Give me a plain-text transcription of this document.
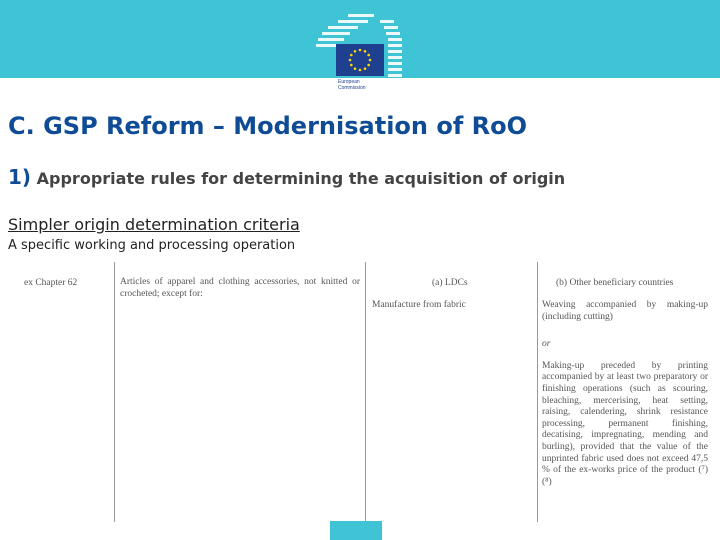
European
Commission
C. GSP Reform – Modernisation of RoO
1) Appropriate rules for determining the acquisition of origin
Simpler origin determination criteria
A specific working and processing operation
ex Chapter 62	Articles of apparel and clothing accessories, not knitted or crocheted; except for:
(a) LDCs
Manufacture from fabric
(b) Other beneficiary countries

Weaving accompanied by making-up (including cutting)

or

Making-up preceded by printing accompanied by at least two preparatory or finishing operations (such as scouring, bleaching, mercerising, heat setting, raising, calendering, shrink resistance processing, permanent finishing, decatising, impregnating, mending and burling), provided that the value of the unprinted fabric used does not exceed 47,5 % of the ex-works price of the product (⁷) (⁸)
